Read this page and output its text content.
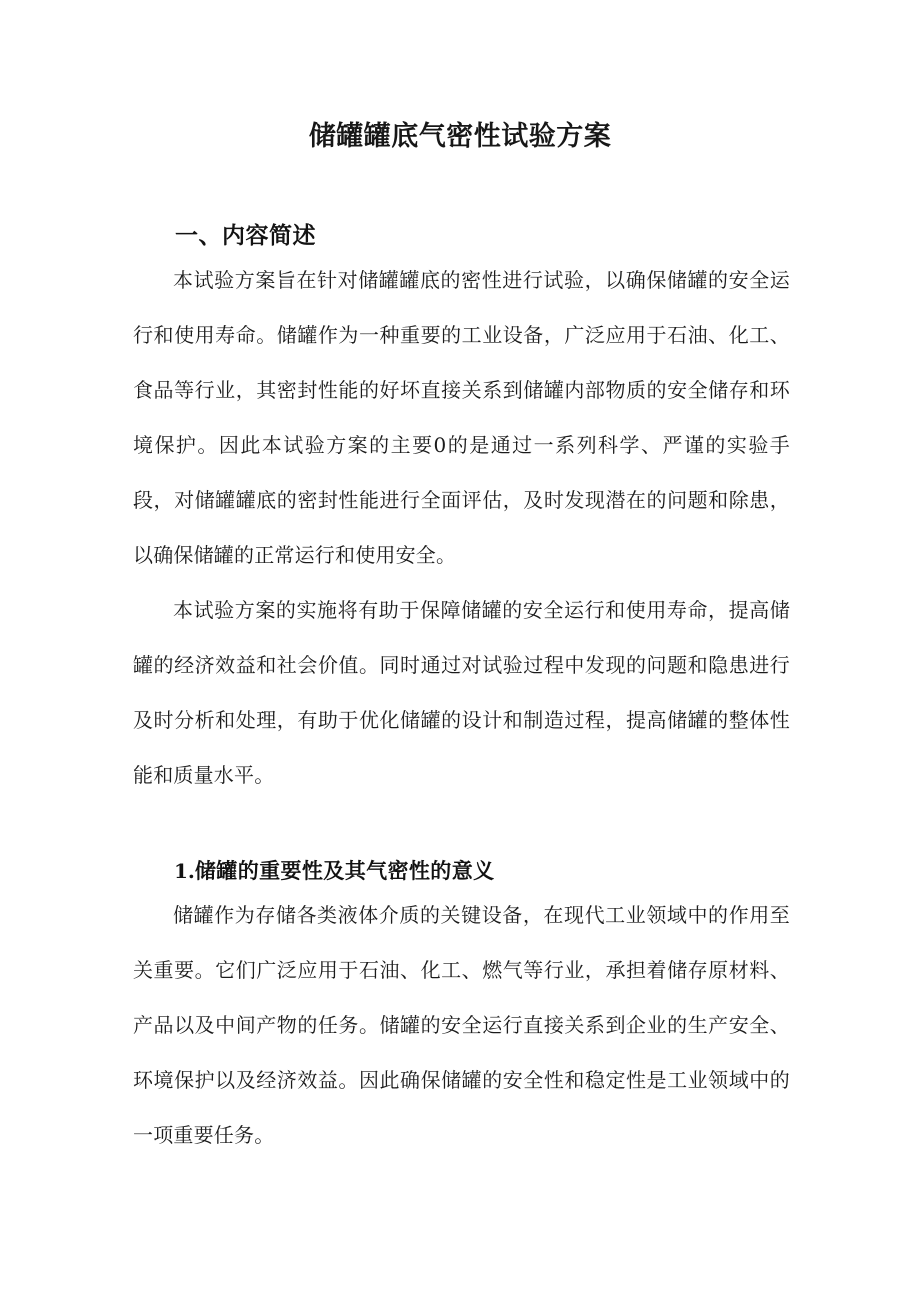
储罐罐底气密性试验方案
一、内容简述

本试验方案旨在针对储罐罐底的密性进行试验，以确保储罐的安全运行和使用寿命。储罐作为一种重要的工业设备，广泛应用于石油、化工、食品等行业，其密封性能的好坏直接关系到储罐内部物质的安全储存和环境保护。因此本试验方案的主要0的是通过一系列科学、严谨的实验手段，对储罐罐底的密封性能进行全面评估，及时发现潜在的问题和除患，以确保储罐的正常运行和使用安全。

本试验方案的实施将有助于保障储罐的安全运行和使用寿命，提高储罐的经济效益和社会价值。同时通过对试验过程中发现的问题和隐患进行及时分析和处理，有助于优化储罐的设计和制造过程，提高储罐的整体性能和质量水平。

1.储罐的重要性及其气密性的意义

储罐作为存储各类液体介质的关键设备，在现代工业领域中的作用至关重要。它们广泛应用于石油、化工、燃气等行业，承担着储存原材料、产品以及中间产物的任务。储罐的安全运行直接关系到企业的生产安全、环境保护以及经济效益。因此确保储罐的安全性和稳定性是工业领域中的一项重要任务。
